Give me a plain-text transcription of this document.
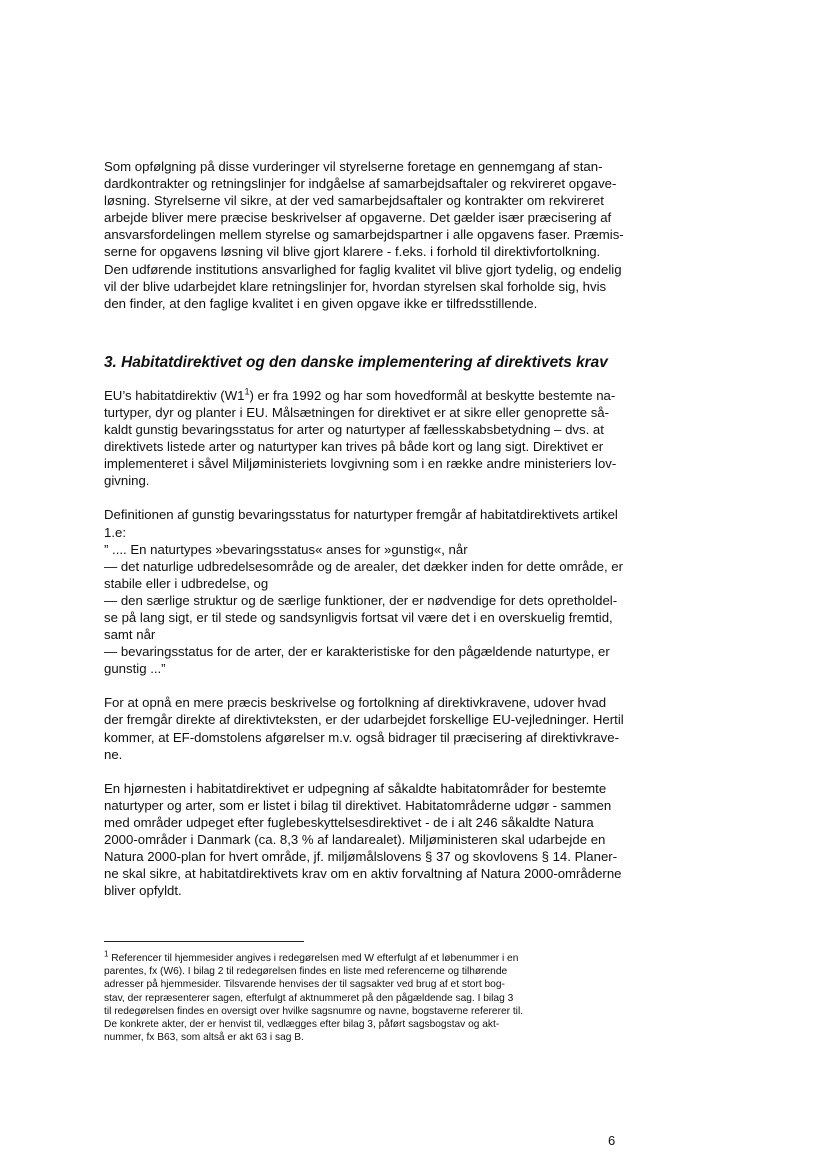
Som opfølgning på disse vurderinger vil styrelserne foretage en gennemgang af stan-
dardkontrakter og retningslinjer for indgåelse af samarbejdsaftaler og rekvireret opgave-
løsning. Styrelserne vil sikre, at der ved samarbejdsaftaler og kontrakter om rekvireret
arbejde bliver mere præcise beskrivelser af opgaverne. Det gælder især præcisering af
ansvarsfordelingen mellem styrelse og samarbejdspartner i alle opgavens faser. Præmis-
serne for opgavens løsning vil blive gjort klarere - f.eks. i forhold til direktivfortolkning.
Den udførende institutions ansvarlighed for faglig kvalitet vil blive gjort tydelig, og endelig
vil der blive udarbejdet klare retningslinjer for, hvordan styrelsen skal forholde sig, hvis
den finder, at den faglige kvalitet i en given opgave ikke er tilfredsstillende.

3. Habitatdirektivet og den danske implementering af direktivets krav

EU’s habitatdirektiv $(W1^1)$ er fra 1992 og har som hovedformål at beskytte bestemte na-
turtyper, dyr og planter i EU. Målsætningen for direktivet er at sikre eller genoprette så-
kaldt gunstig bevaringsstatus for arter og naturtyper af fællesskabsbetydning – dvs. at
direktivets listede arter og naturtyper kan trives på både kort og lang sigt. Direktivet er
implementeret i såvel Miljøministeriets lovgivning som i en række andre ministeriers lov-
givning.

Definitionen af gunstig bevaringsstatus for naturtyper fremgår af habitatdirektivets artikel
1.e:
” .... En naturtypes »bevaringsstatus« anses for »gunstig«, når
— det naturlige udbredelsesområde og de arealer, det dækker inden for dette område, er
stabile eller i udbredelse, og
— den særlige struktur og de særlige funktioner, der er nødvendige for dets opretholdel-
se på lang sigt, er til stede og sandsynligvis fortsat vil være det i en overskuelig fremtid,
samt når
— bevaringsstatus for de arter, der er karakteristiske for den pågældende naturtype, er
gunstig ...”

For at opnå en mere præcis beskrivelse og fortolkning af direktivkravene, udover hvad
der fremgår direkte af direktivteksten, er der udarbejdet forskellige EU-vejledninger. Hertil
kommer, at EF-domstolens afgørelser m.v. også bidrager til præcisering af direktivkrave-
ne.

En hjørnesten i habitatdirektivet er udpegning af såkaldte habitatområder for bestemte
naturtyper og arter, som er listet i bilag til direktivet. Habitatområderne udgør - sammen
med områder udpeget efter fuglebeskyttelsesdirektivet - de i alt 246 såkaldte Natura
2000-områder i Danmark (ca. 8,3 % af landarealet). Miljøministeren skal udarbejde en
Natura 2000-plan for hvert område, jf. miljømålslovens § 37 og skovlovens § 14. Planer-
ne skal sikre, at habitatdirektivets krav om en aktiv forvaltning af Natura 2000-områderne
bliver opfyldt.

$^1$ Referencer til hjemmesider angives i redegørelsen med W efterfulgt af et løbenummer i en
parentes, fx (W6). I bilag 2 til redegørelsen findes en liste med referencerne og tilhørende
adresser på hjemmesider. Tilsvarende henvises der til sagsakter ved brug af et stort bog-
stav, der repræsenterer sagen, efterfulgt af aktnummeret på den pågældende sag. I bilag 3
til redegørelsen findes en oversigt over hvilke sagsnumre og navne, bogstaverne refererer til.
De konkrete akter, der er henvist til, vedlægges efter bilag 3, påført sagsbogstav og akt-
nummer, fx B63, som altså er akt 63 i sag B.
6
